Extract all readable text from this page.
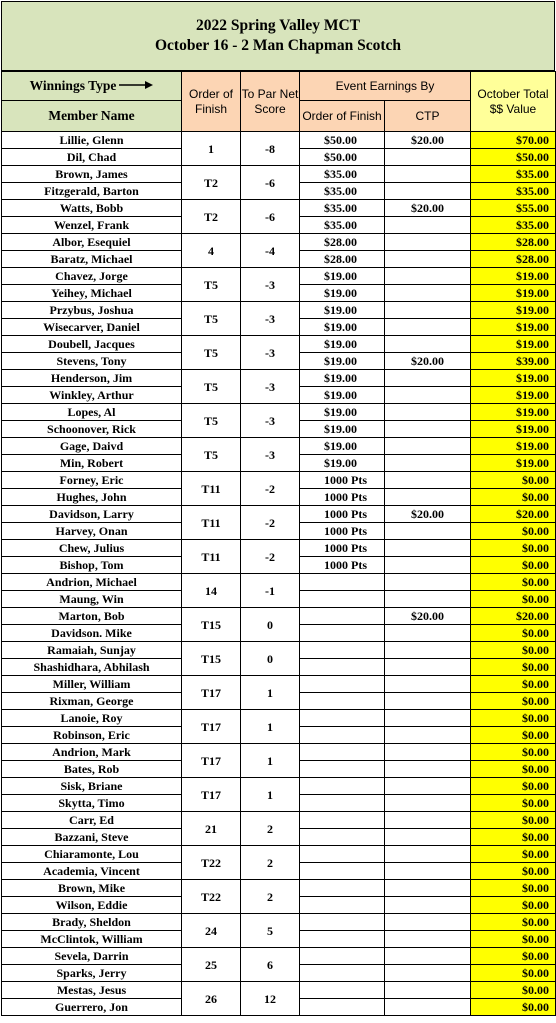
2022 Spring Valley MCT
October 16 - 2 Man Chapman Scotch
Winnings Type	Order of Finish	To Par Net Score	Event Earnings By		October Total $$ Value
Member Name			Order of Finish	CTP	
Lillie, Glenn	1	-8	$50.00	$20.00	$70.00
Dil, Chad			$50.00		$50.00
Brown, James	T2	-6	$35.00		$35.00
Fitzgerald, Barton			$35.00		$35.00
Watts, Bobb	T2	-6	$35.00	$20.00	$55.00
Wenzel, Frank			$35.00		$35.00
Albor, Esequiel	4	-4	$28.00		$28.00
Baratz, Michael			$28.00		$28.00
Chavez, Jorge	T5	-3	$19.00		$19.00
Yeihey, Michael			$19.00		$19.00
Przybus, Joshua	T5	-3	$19.00		$19.00
Wisecarver, Daniel			$19.00		$19.00
Doubell, Jacques	T5	-3	$19.00		$19.00
Stevens, Tony			$19.00	$20.00	$39.00
Henderson, Jim	T5	-3	$19.00		$19.00
Winkley, Arthur			$19.00		$19.00
Lopes, Al	T5	-3	$19.00		$19.00
Schoonover, Rick			$19.00		$19.00
Gage, Daivd	T5	-3	$19.00		$19.00
Min, Robert			$19.00		$19.00
Forney, Eric	T11	-2	1000 Pts		$0.00
Hughes, John			1000 Pts		$0.00
Davidson, Larry	T11	-2	1000 Pts	$20.00	$20.00
Harvey, Onan			1000 Pts		$0.00
Chew, Julius	T11	-2	1000 Pts		$0.00
Bishop, Tom			1000 Pts		$0.00
Andrion, Michael	14	-1			$0.00
Maung, Win					$0.00
Marton, Bob	T15	0		$20.00	$20.00
Davidson. Mike					$0.00
Ramaiah, Sunjay	T15	0			$0.00
Shashidhara, Abhilash					$0.00
Miller, William	T17	1			$0.00
Rixman, George					$0.00
Lanoie, Roy	T17	1			$0.00
Robinson, Eric					$0.00
Andrion, Mark	T17	1			$0.00
Bates, Rob					$0.00
Sisk, Briane	T17	1			$0.00
Skytta, Timo					$0.00
Carr, Ed	21	2			$0.00
Bazzani, Steve					$0.00
Chiaramonte, Lou	T22	2			$0.00
Academia, Vincent					$0.00
Brown, Mike	T22	2			$0.00
Wilson, Eddie					$0.00
Brady, Sheldon	24	5			$0.00
McClintok, William					$0.00
Sevela, Darrin	25	6			$0.00
Sparks, Jerry					$0.00
Mestas, Jesus	26	12			$0.00
Guerrero, Jon					$0.00
